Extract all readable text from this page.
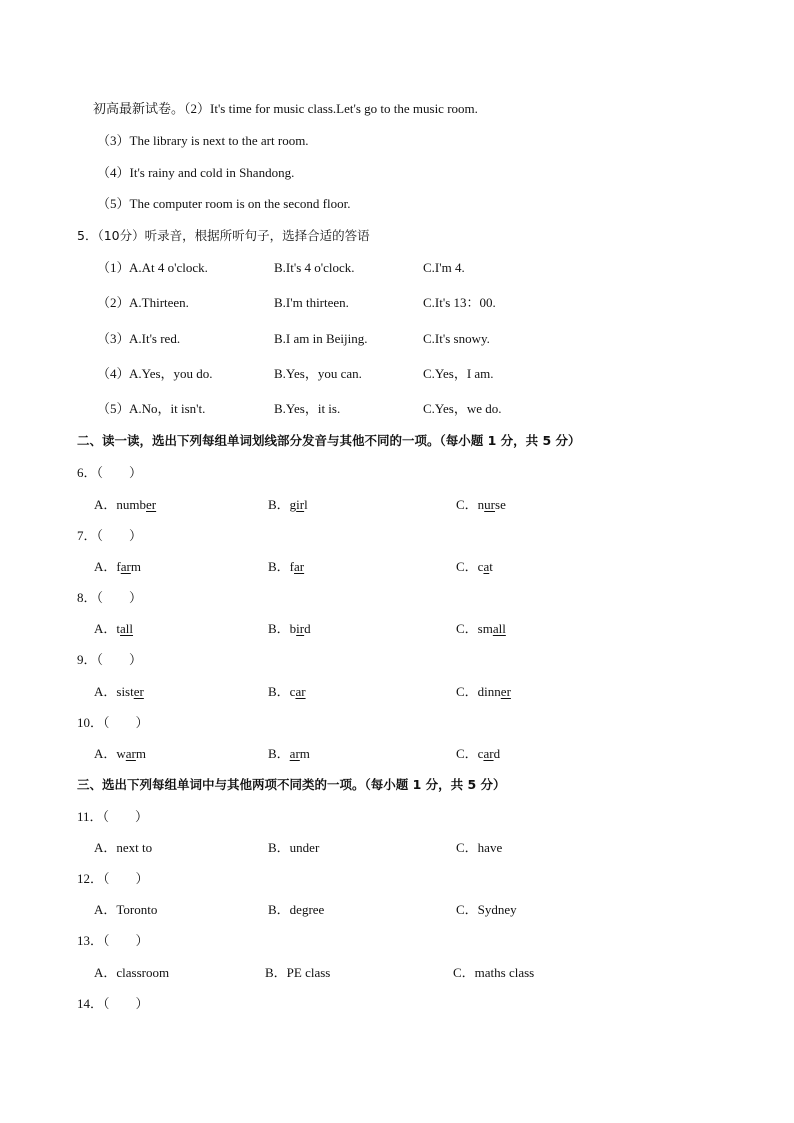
初高最新试卷。（2）It's time for music class.Let's go to the music room.
（3）The library is next to the art room.
（4）It's rainy and cold in Shandong.
（5）The computer room is on the second floor.
5．（10分）听录音，根据所听句子，选择合适的答语
（1） A.At 4 o'clock.	B.It's 4 o'clock.	C.I'm 4.
（2） A.Thirteen.	B.I'm thirteen.	C.It's 13：00.
（3） A.It's red.	B.I am in Beijing.	C.It's snowy.
（4） A.Yes，you do.	B.Yes，you can.	C.Yes，I am.
（5） A.No，it isn't.	B.Yes，it is.	C.Yes，we do.
二、读一读，选出下列每组单词划线部分发音与其他不同的一项。（每小题 1 分，共 5 分）
6．（　　）
A．number	B．girl	C．nurse
7．（　　）
A．farm	B．far	C．cat
8．（　　）
A．tall	B．bird	C．small
9．（　　）
A．sister	B．car	C．dinner
10．（　　）
A．warm	B．arm	C．card
三、选出下列每组单词中与其他两项不同类的一项。（每小题 1 分，共 5 分）
11．（　　）
A．next to	B．under	C．have
12．（　　）
A．Toronto	B．degree	C．Sydney
13．（　　）
A．classroom	B．PE class	C．maths class
14．（　　）
